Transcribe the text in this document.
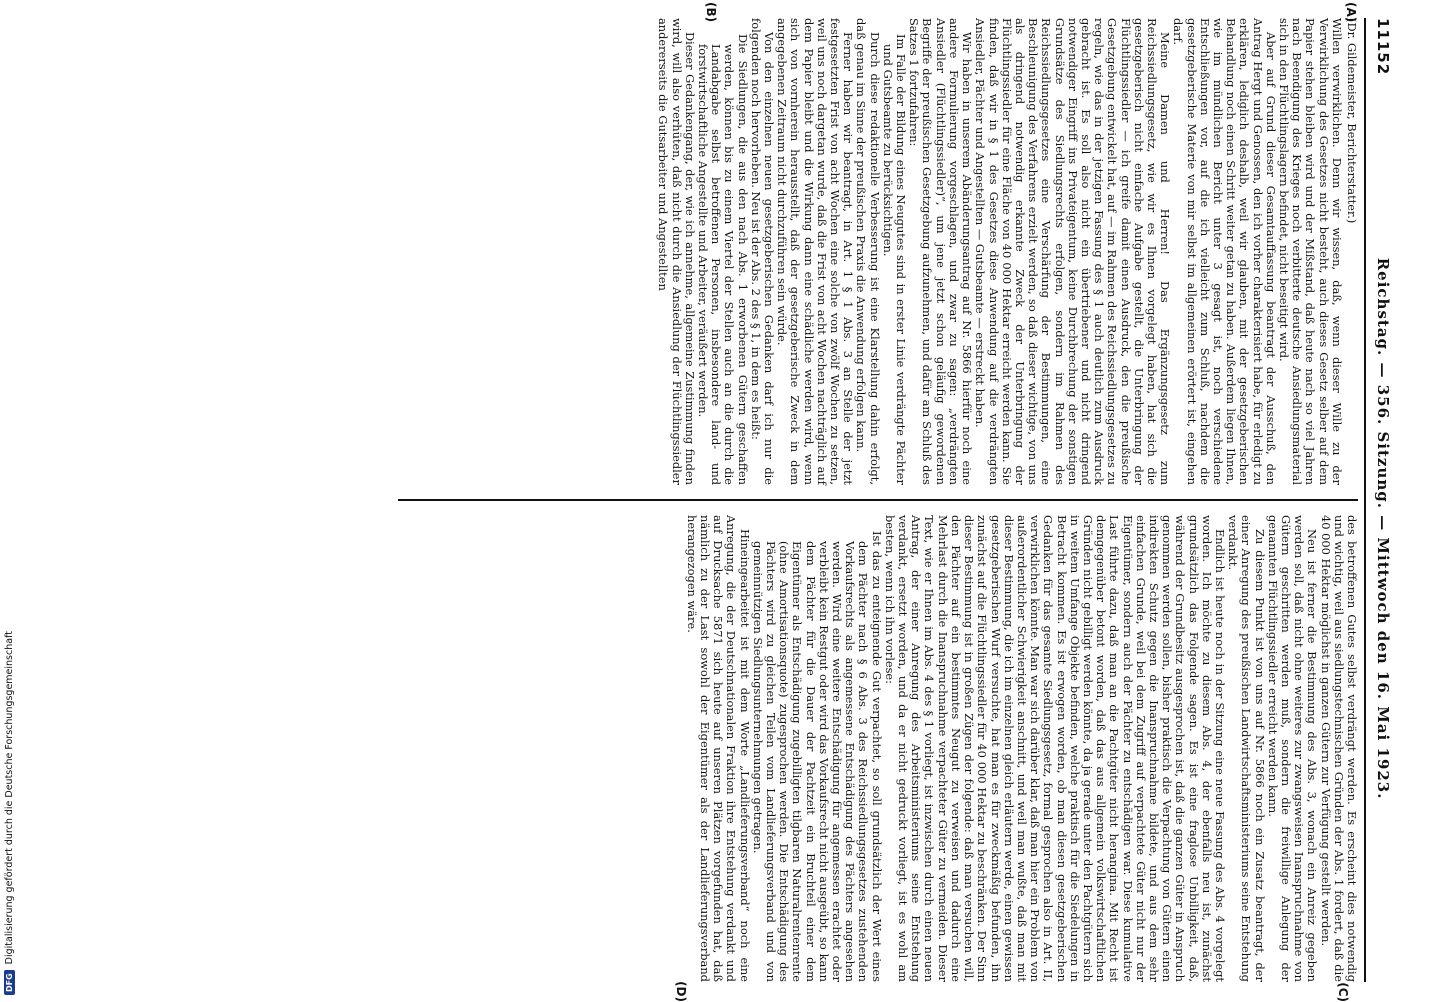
11152
Reichstag. — 356. Sitzung. — Mittwoch den 16. Mai 1923.
(A)
(B)
(C)
(D)

(Dr. Gildemeister, Berichterstatter.)

Willen verwirklichen. Denn wir wissen, daß, wenn dieser Wille zu der Verwirklichung des Gesetzes nicht besteht, auch dieses Gesetz selber auf dem Papier stehen bleiben wird und der Mißstand, daß heute nach so viel Jahren nach Beendigung des Krieges noch verbitterte deutsche Ansiedlungsmaterial sich in den Flüchtlingslagern befindet, nicht beseitigt wird.

Aber auf Grund dieser Gesamtauffassung beantragt der Ausschuß, den Antrag Hergt und Genossen, den ich vorher charakterisiert habe, für erledigt zu erklären, lediglich deshalb, weil wir glauben, mit der gesetzgeberischen Behandlung noch einen Schritt weiter getan zu haben. Außerdem liegen Ihnen, wie im mündlichen Bericht unter 3 gesagt ist, noch verschiedene Entschließungen vor, auf die ich vielleicht zum Schluß, nachdem die gesetzgeberische Materie von mir selbst im allgemeinen erörtert ist, eingehen darf.

Meine Damen und Herren! Das Ergänzungsgesetz zum Reichssiedlungsgesetz, wie wir es Ihnen vorgelegt haben, hat sich die gesetzgeberisch nicht einfache Aufgabe gestellt, die Unterbringung der Flüchtlingssiedler — ich greife damit einen Ausdruck, den die preußische Gesetzgebung entwickelt hat, auf — im Rahmen des Reichssiedlungsgesetzes zu regeln, wie das in der jetzigen Fassung des § 1 auch deutlich zum Ausdruck gebracht ist. Es soll also nicht ein übertriebener und nicht dringend notwendiger Eingriff ins Privateigentum, keine Durchbrechung der sonstigen Grundsätze des Siedlungsrechts erfolgen, sondern im Rahmen des Reichssiedlungsgesetzes eine Verschärfung der Bestimmungen, eine Beschleunigung des Verfahrens erzielt werden, so daß dieser wichtige, von uns als dringend notwendig erkannte Zweck der Unterbringung der Flüchtlingssiedler für eine Fläche von 40 000 Hektar erreicht werden kann. Sie finden, daß wir in § 1 des Gesetzes diese Anwendung auf die verdrängten Ansiedler, Pächter und Angestellten — Gutsbeamte — erstreckt haben.

Wir haben in unserem Abänderungsantrag auf Nr. 5866 hierfür noch eine andere Formulierung vorgeschlagen, und zwar zu sagen: „verdrängten Ansiedler (Flüchtlingssiedler)“, um jene jetzt schon geläufig gewordenen Begriffe der preußischen Gesetzgebung aufzunehmen, und dafür am Schluß des Satzes 1 fortzufahren:

Im Falle der Bildung eines Neugutes sind in erster Linie verdrängte Pächter und Gutsbeamte zu berücksichtigen.

Durch diese redaktionelle Verbesserung ist eine Klarstellung dahin erfolgt, daß genau im Sinne der preußischen Praxis die Anwendung erfolgen kann.

Ferner haben wir beantragt, in Art. 1 § 1 Abs. 3 an Stelle der jetzt festgesetzten Frist von acht Wochen eine solche von zwölf Wochen zu setzen, weil uns noch dargetan wurde, daß die Frist von acht Wochen nachträglich auf dem Papier bleibt und die Wirkung dann eine schädliche werden wird, wenn sich von vornherein herausstellt, daß der gesetzgeberische Zweck in dem angegebenen Zeitraum nicht durchzuführen sein würde.

Von den einzelnen neuen gesetzgeberischen Gedanken darf ich nur die folgenden noch hervorheben. Neu ist der Abs. 2 des § 1, in dem es heißt:

Die Siedlungen, die aus den nach Abs. 1 erworbenen Gütern geschaffen werden, können bis zu einem Viertel der Stellen auch an die durch die Landabgabe selbst betroffenen Personen, insbesondere land- und forstwirtschaftliche Angestellte und Arbeiter, veräußert werden.

Dieser Gedankengang, der, wie ich annehme, allgemeine Zustimmung finden wird, will also verhüten, daß nicht durch die Ansiedlung der Flüchtlingssiedler andererseits die Gutsarbeiter und Angestellten

des betroffenen Gutes selbst verdrängt werden. Es erscheint dies notwendig und wichtig, weil aus siedlungstechnischen Gründen der Abs. 1 fordert, daß die 40 000 Hektar möglichst in ganzen Gütern zur Verfügung gestellt werden.

Neu ist ferner die Bestimmung des Abs. 3, wonach ein Anreiz gegeben werden soll, daß nicht ohne weiteres zur zwangsweisen Inanspruchnahme von Gütern geschritten werden muß, sondern die freiwillige Anlegung der genannten Flüchtlingssiedler erreicht werden kann.

Zu diesem Punkt ist von uns auf Nr. 5866 noch ein Zusatz beantragt, der einer Anregung des preußischen Landwirtschaftsministeriums seine Entstehung verdankt.

Endlich ist heute noch in der Sitzung eine neue Fassung des Abs. 4 vorgelegt worden. Ich möchte zu diesem Abs. 4, der ebenfalls neu ist, zunächst grundsätzlich das Folgende sagen. Es ist eine fraglose Unbilligkeit, daß, während der Grundbesitz ausgesprochen ist, daß die ganzen Güter in Anspruch genommen werden sollen, bisher praktisch die Verpachtung von Gütern einen indirekten Schutz gegen die Inanspruchnahme bildete, und aus dem sehr einfachen Grunde, weil bei dem Zugriff auf verpachtete Güter nicht nur der Eigentümer, sondern auch der Pächter zu entschädigen war. Diese kumulative Last führte dazu, daß man an die Pachtgüter nicht herangina. Mit Recht ist demgegenüber betont worden, daß das aus allgemein volkswirtschaftlichen Gründen nicht gebilligt werden könnte, da ja gerade unter den Pachtgütern sich in weitem Umfange Objekte befinden, welche praktisch für die Siedelungen in Betracht kommen. Es ist erwogen worden, ob man diesen gesetzgeberischen Gedanken für das gesamte Siedlungsgesetz, formal gesprochen also in Art. II, verwirklichen könnte. Man war sich darüber klar, daß man hier ein Problem von außerordentlicher Schwierigkeit anschnitt, und weil man wußte, daß man mit dieser Bestimmung, die ich im einzelnen gleich erläutern werde, einen gewissen gesetzgeberischen Wurf versuchte, hat man es für zweckmäßig befunden, ihn zunächst auf die Flüchtlingssiedler für 40 000 Hektar zu beschränken. Der Sinn dieser Bestimmung ist in großen Zügen der folgende: daß man versuchen will, den Pächter auf ein bestimmtes Neugut zu verweisen und dadurch eine Mehrlast durch die Inanspruchnahme verpachteter Güter zu vermeiden. Dieser Text, wie er Ihnen im Abs. 4 des § 1 vorliegt, ist inzwischen durch einen neuen Antrag, der einer Anregung des Arbeitsministeriums seine Entstehung verdankt, ersetzt worden, und da er nicht gedruckt vorliegt, ist es wohl am besten, wenn ich ihn vorlese:

Ist das zu enteignende Gut verpachtet, so soll grundsätzlich der Wert eines dem Pächter nach § 6 Abs. 3 des Reichssiedlungsgesetzes zustehenden Vorkaufsrechts als angemessene Entschädigung des Pächters angesehen werden. Wird eine weitere Entschädigung für angemessen erachtet oder verbleibt kein Restgut oder wird das Vorkaufsrecht nicht ausgeübt, so kann dem Pächter für die Dauer der Pachtzeit ein Bruchteil einer dem Eigentümer als Entschädigung zugebilligten tilgbaren Naturalrentenrente (ohne Amortisationsquote) zugesprochen werden. Die Entschädigung des Pächters wird zu gleichen Teilen vom Landlieferungsverband und von gemeinnützigen Siedlungsunternehmungen getragen.

Hineingearbeitet ist mit dem Worte „Landlieferungsverband“ noch eine Anregung, die der Deutschnationalen Fraktion ihre Entstehung verdankt und auf Drucksache 5871 sich heute auf unseren Plätzen vorgefunden hat, daß nämlich zu der Last sowohl der Eigentümer als der Landlieferungsverband herangezogen wäre.

DFG
Digitalisierung gefördert durch die Deutsche Forschungsgemeinschaft
